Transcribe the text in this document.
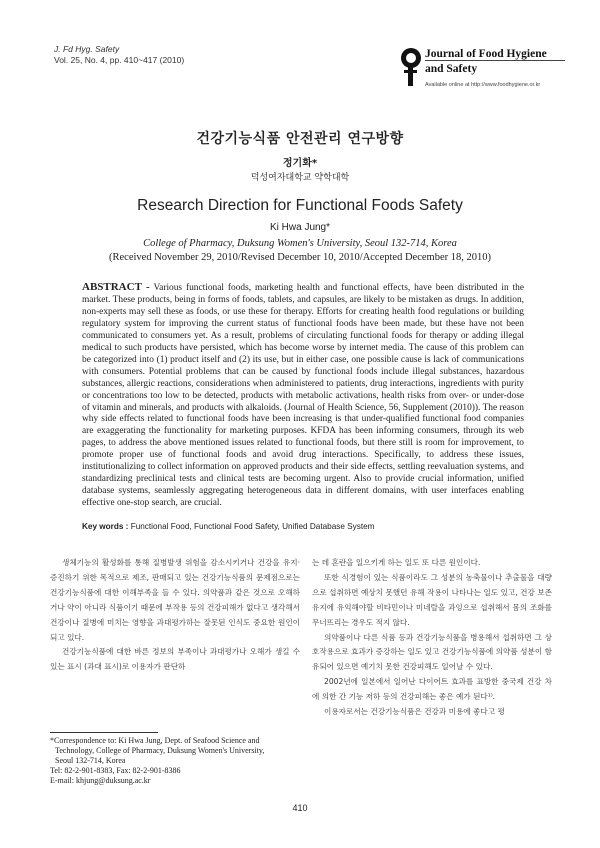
J. Fd Hyg. Safety
Vol. 25, No. 4, pp. 410~417 (2010)	Journal of Food Hygiene
and Safety
Available online at http://www.foodhygiene.or.kr
건강기능식품 안전관리 연구방향
정기화*
덕성여자대학교 약학대학
Research Direction for Functional Foods Safety
Ki Hwa Jung*
College of Pharmacy, Duksung Women's University, Seoul 132-714, Korea
(Received November 29, 2010/Revised December 10, 2010/Accepted December 18, 2010)
ABSTRACT - Various functional foods, marketing health and functional effects, have been distributed in the market. These products, being in forms of foods, tablets, and capsules, are likely to be mistaken as drugs. In addition, non-experts may sell these as foods, or use these for therapy. Efforts for creating health food regulations or building regulatory system for improving the current status of functional foods have been made, but these have not been communicated to consumers yet. As a result, problems of circulating functional foods for therapy or adding illegal medical to such products have persisted, which has become worse by internet media. The cause of this problem can be categorized into (1) product itself and (2) its use, but in either case, one possible cause is lack of communications with consumers. Potential problems that can be caused by functional foods include illegal substances, hazardous substances, allergic reactions, considerations when administered to patients, drug interactions, ingredients with purity or concentrations too low to be detected, products with metabolic activations, health risks from over- or under-dose of vitamin and minerals, and products with alkaloids. (Journal of Health Science, 56, Supplement (2010)). The reason why side effects related to functional foods have been increasing is that under-qualified functional food companies are exaggerating the functionality for marketing purposes. KFDA has been informing consumers, through its web pages, to address the above mentioned issues related to functional foods, but there still is room for improvement, to promote proper use of functional foods and avoid drug interactions. Specifically, to address these issues, institutionalizing to collect information on approved products and their side effects, settling reevaluation systems, and standardizing preclinical tests and clinical tests are becoming urgent. Also to provide crucial information, unified database systems, seamlessly aggregating heterogeneous data in different domains, with user interfaces enabling effective one-stop search, are crucial.
Key words : Functional Food, Functional Food Safety, Unified Database System

생체기능의 활성화를 통해 질병발생 위험을 감소시키거나 건강을 유지·증진하기 위한 목적으로 제조, 판매되고 있는 건강기능식품의 문제점으로는 건강기능식품에 대한 이해부족을 들 수 있다. 의약품과 같은 것으로 오해하거나 약이 아니라 식품이기 때문에 부작용 등의 건강피해가 없다고 생각해서 건강이나 질병에 미치는 영향을 과대평가하는 잘못된 인식도 중요한 원인이 되고 있다.

건강기능식품에 대한 바른 정보의 부족이나 과대평가나 오해가 생길 수 있는 표시 (과대 표시)로 이용자가 판단하

는 데 혼란을 일으키게 하는 일도 또 다른 원인이다.

또한 식경험이 있는 식품이라도 그 성분의 농축물이나 추출물을 대량으로 섭취하면 예상치 못했던 유해 작용이 나타나는 일도 있고, 건강 보존유지에 유익해야할 비타민이나 미네랄을 과잉으로 섭취해서 몸의 조화를 무너뜨리는 경우도 적지 않다.

의약품이나 다른 식품 등과 건강기능식품을 병용해서 섭취하면 그 상호작용으로 효과가 증강하는 일도 있고 건강기능식품에 의약품 성분이 함유되어 있으면 예기치 못한 건강피해도 일어날 수 있다.

2002년에 일본에서 일어난 다이어트 효과를 표방한 중국제 건강 차에 의한 간 기능 저하 등의 건강피해는 좋은 예가 된다¹⁾.

이용자로서는 건강기능식품은 건강과 미용에 좋다고 평

*Correspondence to: Ki Hwa Jung, Dept. of Seafood Science and
Technology, College of Pharmacy, Duksung Women's University,
Seoul 132-714, Korea
Tel: 82-2-901-8383, Fax: 82-2-901-8386
E-mail: khjung@duksung.ac.kr
410
